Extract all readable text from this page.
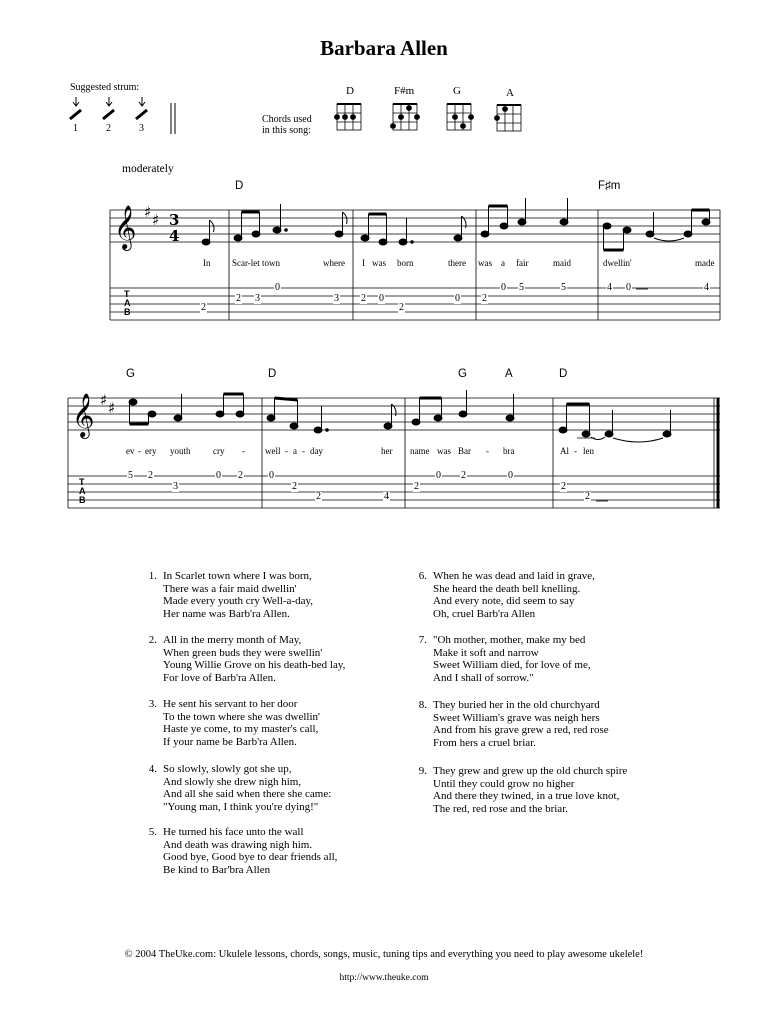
Barbara Allen
Suggested strum:
1	2	3
Chords used
in this song:
D	F#m	G	A
moderately
T
A
B
𝄞 ♯ ♯ 3
4
T
A
B
𝄞 ♯ ♯
D	F♯m
In Scar-let town	where I was born	there was a fair	maid	dwellin'	made
2
2 3
0
3 2 0
2
0 2
0 5	5	4 0	4
G	D	G	A	D
ev - ery youth cry - well - a - day	her name was Bar - bra	Al - len
5 2
3
0 2	0
2
2	4
2
0 2	0
2
2
1. In Scarlet town where I was born,
There was a fair maid dwellin'
Made every youth cry Well-a-day,
Her name was Barb'ra Allen.
2. All in the merry month of May,
When green buds they were swellin'
Young Willie Grove on his death-bed lay,
For love of Barb'ra Allen.
3. He sent his servant to her door
To the town where she was dwellin'
Haste ye come, to my master's call,
If your name be Barb'ra Allen.
4. So slowly, slowly got she up,
And slowly she drew nigh him,
And all she said when there she came:
"Young man, I think you're dying!"
5. He turned his face unto the wall
And death was drawing nigh him.
Good bye, Good bye to dear friends all,
Be kind to Bar'bra Allen
6. When he was dead and laid in grave,
She heard the death bell knelling.
And every note, did seem to say
Oh, cruel Barb'ra Allen
7. "Oh mother, mother, make my bed
Make it soft and narrow
Sweet William died, for love of me,
And I shall of sorrow."
8. They buried her in the old churchyard
Sweet William's grave was neigh hers
And from his grave grew a red, red rose
From hers a cruel briar.
9. They grew and grew up the old church spire
Until they could grow no higher
And there they twined, in a true love knot,
The red, red rose and the briar.
© 2004 TheUke.com: Ukulele lessons, chords, songs, music, tuning tips and everything you need to play awesome ukelele!
http://www.theuke.com
